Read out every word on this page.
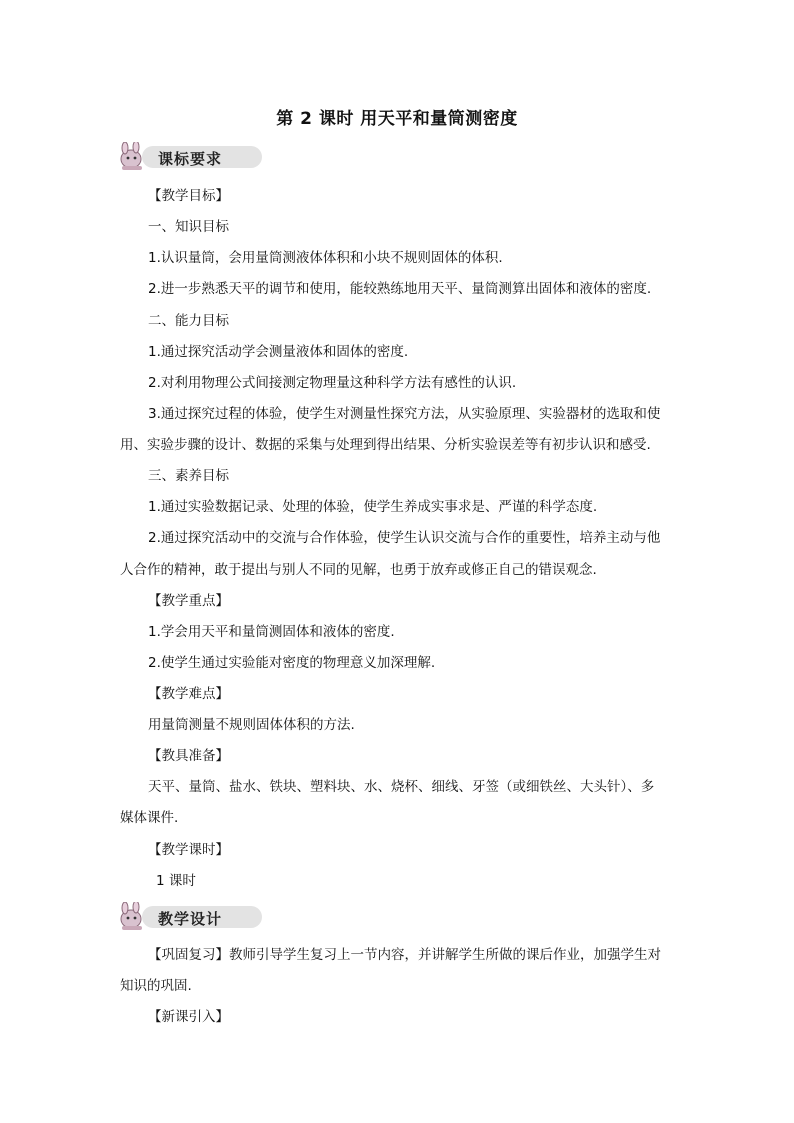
第 2 课时 用天平和量筒测密度
课标要求
【教学目标】
一、知识目标
1.认识量筒，会用量筒测液体体积和小块不规则固体的体积.
2.进一步熟悉天平的调节和使用，能较熟练地用天平、量筒测算出固体和液体的密度.
二、能力目标
1.通过探究活动学会测量液体和固体的密度.
2.对利用物理公式间接测定物理量这种科学方法有感性的认识.
3.通过探究过程的体验，使学生对测量性探究方法，从实验原理、实验器材的选取和使
用、实验步骤的设计、数据的采集与处理到得出结果、分析实验误差等有初步认识和感受.
三、素养目标
1.通过实验数据记录、处理的体验，使学生养成实事求是、严谨的科学态度.
2.通过探究活动中的交流与合作体验，使学生认识交流与合作的重要性，培养主动与他
人合作的精神，敢于提出与别人不同的见解，也勇于放弃或修正自己的错误观念.
【教学重点】
1.学会用天平和量筒测固体和液体的密度.
2.使学生通过实验能对密度的物理意义加深理解.
【教学难点】
用量筒测量不规则固体体积的方法.
【教具准备】
天平、量筒、盐水、铁块、塑料块、水、烧杯、细线、牙签（或细铁丝、大头针）、多
媒体课件.
【教学课时】
1 课时
教学设计
【巩固复习】教师引导学生复习上一节内容，并讲解学生所做的课后作业，加强学生对
知识的巩固.
【新课引入】
